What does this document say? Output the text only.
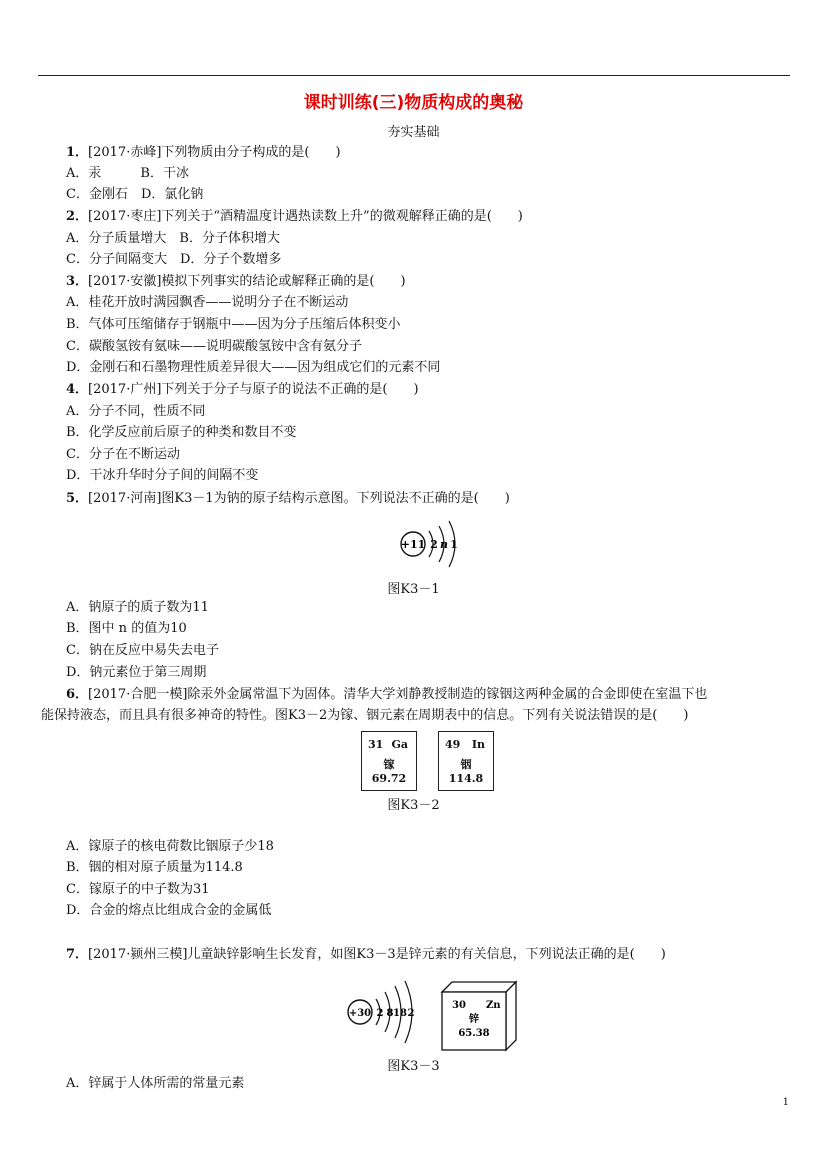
课时训练(三)物质构成的奥秘
夯实基础
1．[2017·赤峰]下列物质由分子构成的是(　　)
A．汞　　　B．干冰
C．金刚石　D．氯化钠
2．[2017·枣庄]下列关于“酒精温度计遇热读数上升”的微观解释正确的是(　　)
A．分子质量增大　B．分子体积增大
C．分子间隔变大　D．分子个数增多
3．[2017·安徽]模拟下列事实的结论或解释正确的是(　　)
A．桂花开放时满园飘香——说明分子在不断运动
B．气体可压缩储存于钢瓶中——因为分子压缩后体积变小
C．碳酸氢铵有氨味——说明碳酸氢铵中含有氨分子
D．金刚石和石墨物理性质差异很大——因为组成它们的元素不同
4．[2017·广州]下列关于分子与原子的说法不正确的是(　　)
A．分子不同，性质不同
B．化学反应前后原子的种类和数目不变
C．分子在不断运动
D．干冰升华时分子间的间隔不变
5．[2017·河南]图K3－1为钠的原子结构示意图。下列说法不正确的是(　　)
+11 2 n 1
图K3－1
A．钠原子的质子数为11
B．图中 n 的值为10
C．钠在反应中易失去电子
D．钠元素位于第三周期
6．[2017·合肥一模]除汞外金属常温下为固体。清华大学刘静教授制造的镓铟这两种金属的合金即使在室温下也
能保持液态，而且具有很多神奇的特性。图K3－2为镓、铟元素在周期表中的信息。下列有关说法错误的是(　　)
31 Ga
镓
69.72
49 In
铟
114.8
图K3－2
A．镓原子的核电荷数比铟原子少18
B．铟的相对原子质量为114.8
C．镓原子的中子数为31
D．合金的熔点比组成合金的金属低
7．[2017·颍州三模]儿童缺锌影响生长发育，如图K3－3是锌元素的有关信息，下列说法正确的是(　　)
+30 2 8 18 2
30 Zn
锌
65.38
图K3－3
A．锌属于人体所需的常量元素
1
